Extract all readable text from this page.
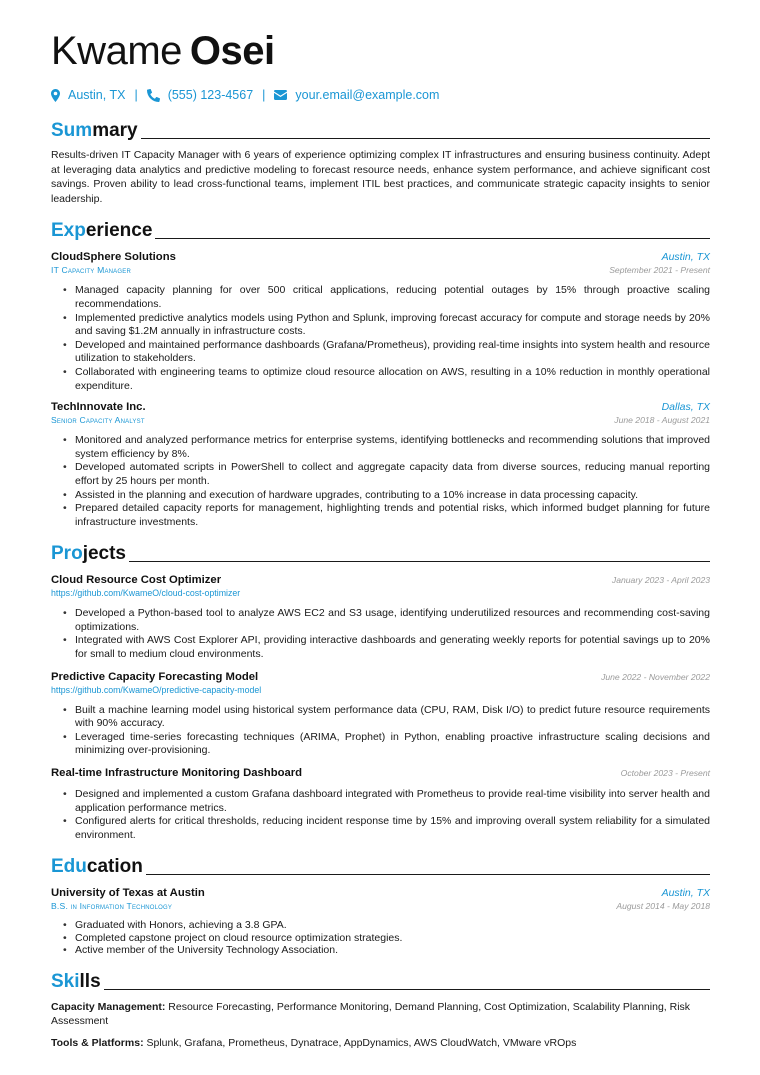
Kwame Osei
Austin, TX | (555) 123-4567 | your.email@example.com
Summary

Results-driven IT Capacity Manager with 6 years of experience optimizing complex IT infrastructures and ensuring business continuity. Adept at leveraging data analytics and predictive modeling to forecast resource needs, enhance system performance, and achieve significant cost savings. Proven ability to lead cross-functional teams, implement ITIL best practices, and communicate strategic capacity insights to senior leadership.

Experience
CloudSphere Solutions	Austin, TX
IT Capacity Manager	September 2021 - Present
• Managed capacity planning for over 500 critical applications, reducing potential outages by 15% through proactive scaling recommendations.
• Implemented predictive analytics models using Python and Splunk, improving forecast accuracy for compute and storage needs by 20% and saving $1.2M annually in infrastructure costs.
• Developed and maintained performance dashboards (Grafana/Prometheus), providing real-time insights into system health and resource utilization to stakeholders.
• Collaborated with engineering teams to optimize cloud resource allocation on AWS, resulting in a 10% reduction in monthly operational expenditure.
TechInnovate Inc.	Dallas, TX
Senior Capacity Analyst	June 2018 - August 2021
• Monitored and analyzed performance metrics for enterprise systems, identifying bottlenecks and recommending solutions that improved system efficiency by 8%.
• Developed automated scripts in PowerShell to collect and aggregate capacity data from diverse sources, reducing manual reporting effort by 25 hours per month.
• Assisted in the planning and execution of hardware upgrades, contributing to a 10% increase in data processing capacity.
• Prepared detailed capacity reports for management, highlighting trends and potential risks, which informed budget planning for future infrastructure investments.
Projects
Cloud Resource Cost Optimizer	January 2023 - April 2023
https://github.com/KwameO/cloud-cost-optimizer
• Developed a Python-based tool to analyze AWS EC2 and S3 usage, identifying underutilized resources and recommending cost-saving optimizations.
• Integrated with AWS Cost Explorer API, providing interactive dashboards and generating weekly reports for potential savings up to 20% for small to medium cloud environments.
Predictive Capacity Forecasting Model	June 2022 - November 2022
https://github.com/KwameO/predictive-capacity-model
• Built a machine learning model using historical system performance data (CPU, RAM, Disk I/O) to predict future resource requirements with 90% accuracy.
• Leveraged time-series forecasting techniques (ARIMA, Prophet) in Python, enabling proactive infrastructure scaling decisions and minimizing over-provisioning.
Real-time Infrastructure Monitoring Dashboard	October 2023 - Present
• Designed and implemented a custom Grafana dashboard integrated with Prometheus to provide real-time visibility into server health and application performance metrics.
• Configured alerts for critical thresholds, reducing incident response time by 15% and improving overall system reliability for a simulated environment.
Education
University of Texas at Austin	Austin, TX
B.S. in Information Technology	August 2014 - May 2018
• Graduated with Honors, achieving a 3.8 GPA.
• Completed capstone project on cloud resource optimization strategies.
• Active member of the University Technology Association.
Skills

Capacity Management: Resource Forecasting, Performance Monitoring, Demand Planning, Cost Optimization, Scalability Planning, Risk Assessment

Tools & Platforms: Splunk, Grafana, Prometheus, Dynatrace, AppDynamics, AWS CloudWatch, VMware vROps
